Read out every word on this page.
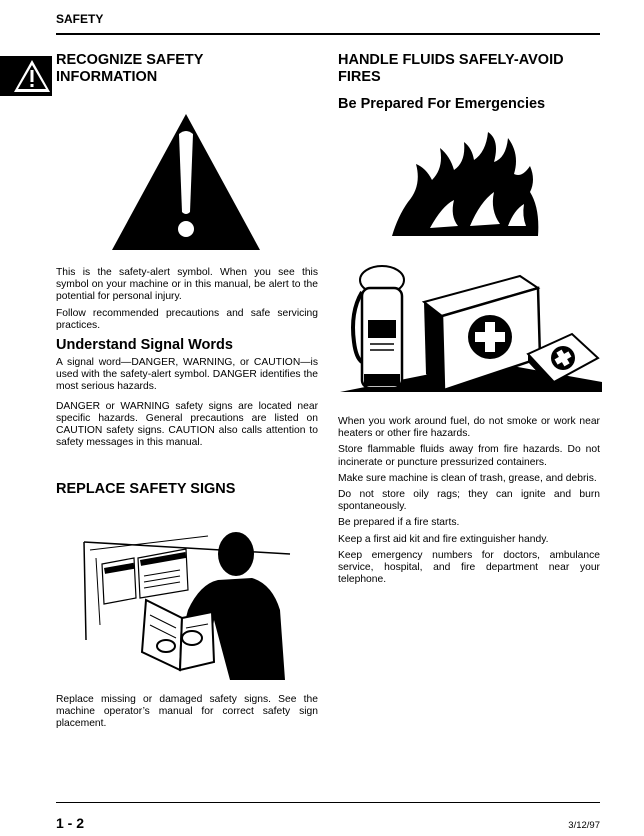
SAFETY
RECOGNIZE SAFETY INFORMATION

This is the safety-alert symbol. When you see this symbol on your machine or in this manual, be alert to the potential for personal injury.

Follow recommended precautions and safe servicing practices.

Understand Signal Words

A signal word—DANGER, WARNING, or CAUTION—is used with the safety-alert symbol. DANGER identifies the most serious hazards.

DANGER or WARNING safety signs are located near specific hazards. General precautions are listed on CAUTION safety signs. CAUTION also calls attention to safety messages in this manual.

REPLACE SAFETY SIGNS

Replace missing or damaged safety signs. See the machine operator’s manual for correct safety sign placement.

HANDLE FLUIDS SAFELY-AVOID FIRES
Be Prepared For Emergencies

When you work around fuel, do not smoke or work near heaters or other fire hazards.

Store flammable fluids away from fire hazards. Do not incinerate or puncture pressurized containers.

Make sure machine is clean of trash, grease, and debris.

Do not store oily rags; they can ignite and burn spontaneously.

Be prepared if a fire starts.

Keep a first aid kit and fire extinguisher handy.

Keep emergency numbers for doctors, ambulance service, hospital, and fire department near your telephone.

1 - 2	3/12/97
